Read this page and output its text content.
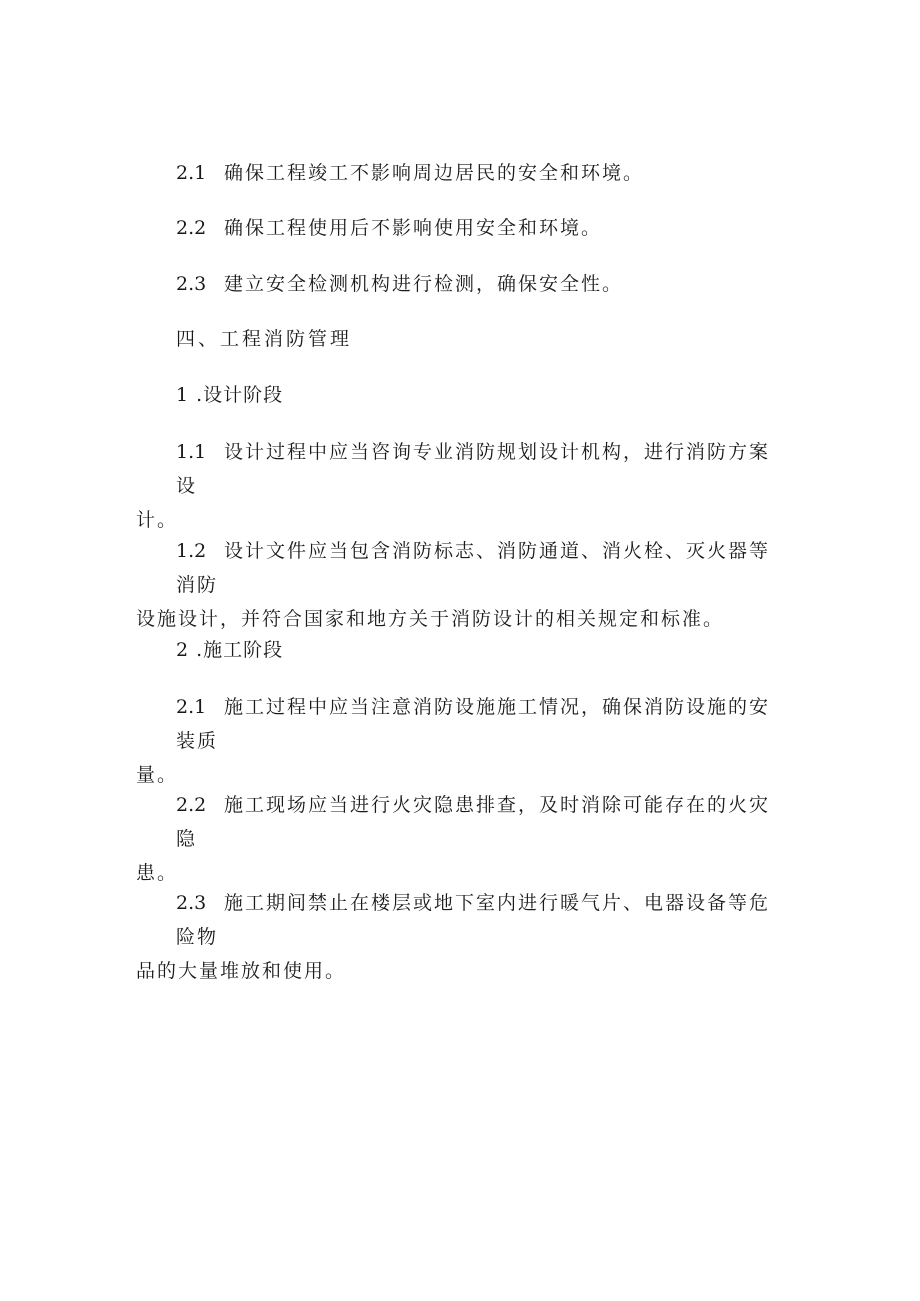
2.1 确保工程竣工不影响周边居民的安全和环境。

2.2 确保工程使用后不影响使用安全和环境。

2.3 建立安全检测机构进行检测，确保安全性。

四、工程消防管理

1 .设计阶段

1.1 设计过程中应当咨询专业消防规划设计机构，进行消防方案设
计。

1.2 设计文件应当包含消防标志、消防通道、消火栓、灭火器等消防
设施设计，并符合国家和地方关于消防设计的相关规定和标准。

2 .施工阶段

2.1 施工过程中应当注意消防设施施工情况，确保消防设施的安装质
量。

2.2 施工现场应当进行火灾隐患排查，及时消除可能存在的火灾隐
患。

2.3 施工期间禁止在楼层或地下室内进行暖气片、电器设备等危险物
品的大量堆放和使用。
